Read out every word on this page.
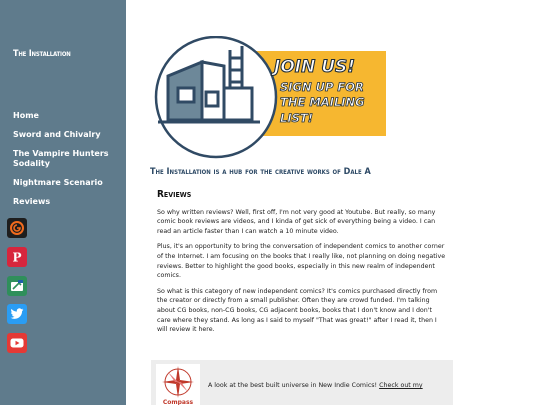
The Installation
Home
Sword and Chivalry
The Vampire Hunters Sodality
Nightmare Scenario
Reviews
P
JOIN US!
SIGN UP FOR
THE MAILING
LIST!
The Installation is a hub for the creative works of Dale A
Reviews

So why written reviews? Well, first off, I'm not very good at Youtube. But really, so many comic book reviews are videos, and I kinda of get sick of everything being a video. I can read an article faster than I can watch a 10 minute video.

Plus, it's an opportunity to bring the conversation of independent comics to another corner of the Internet. I am focusing on the books that I really like, not planning on doing negative reviews. Better to highlight the good books, especially in this new realm of independent comics.

So what is this category of new independent comics? It's comics purchased directly from the creator or directly from a small publisher. Often they are crowd funded. I'm talking about CG books, non-CG books, CG adjacent books, books that I don't know and I don't care where they stand. As long as I said to myself "That was great!" after I read it, then I will review it here.

Compass
A look at the best built universe in New Indie Comics! Check out my
